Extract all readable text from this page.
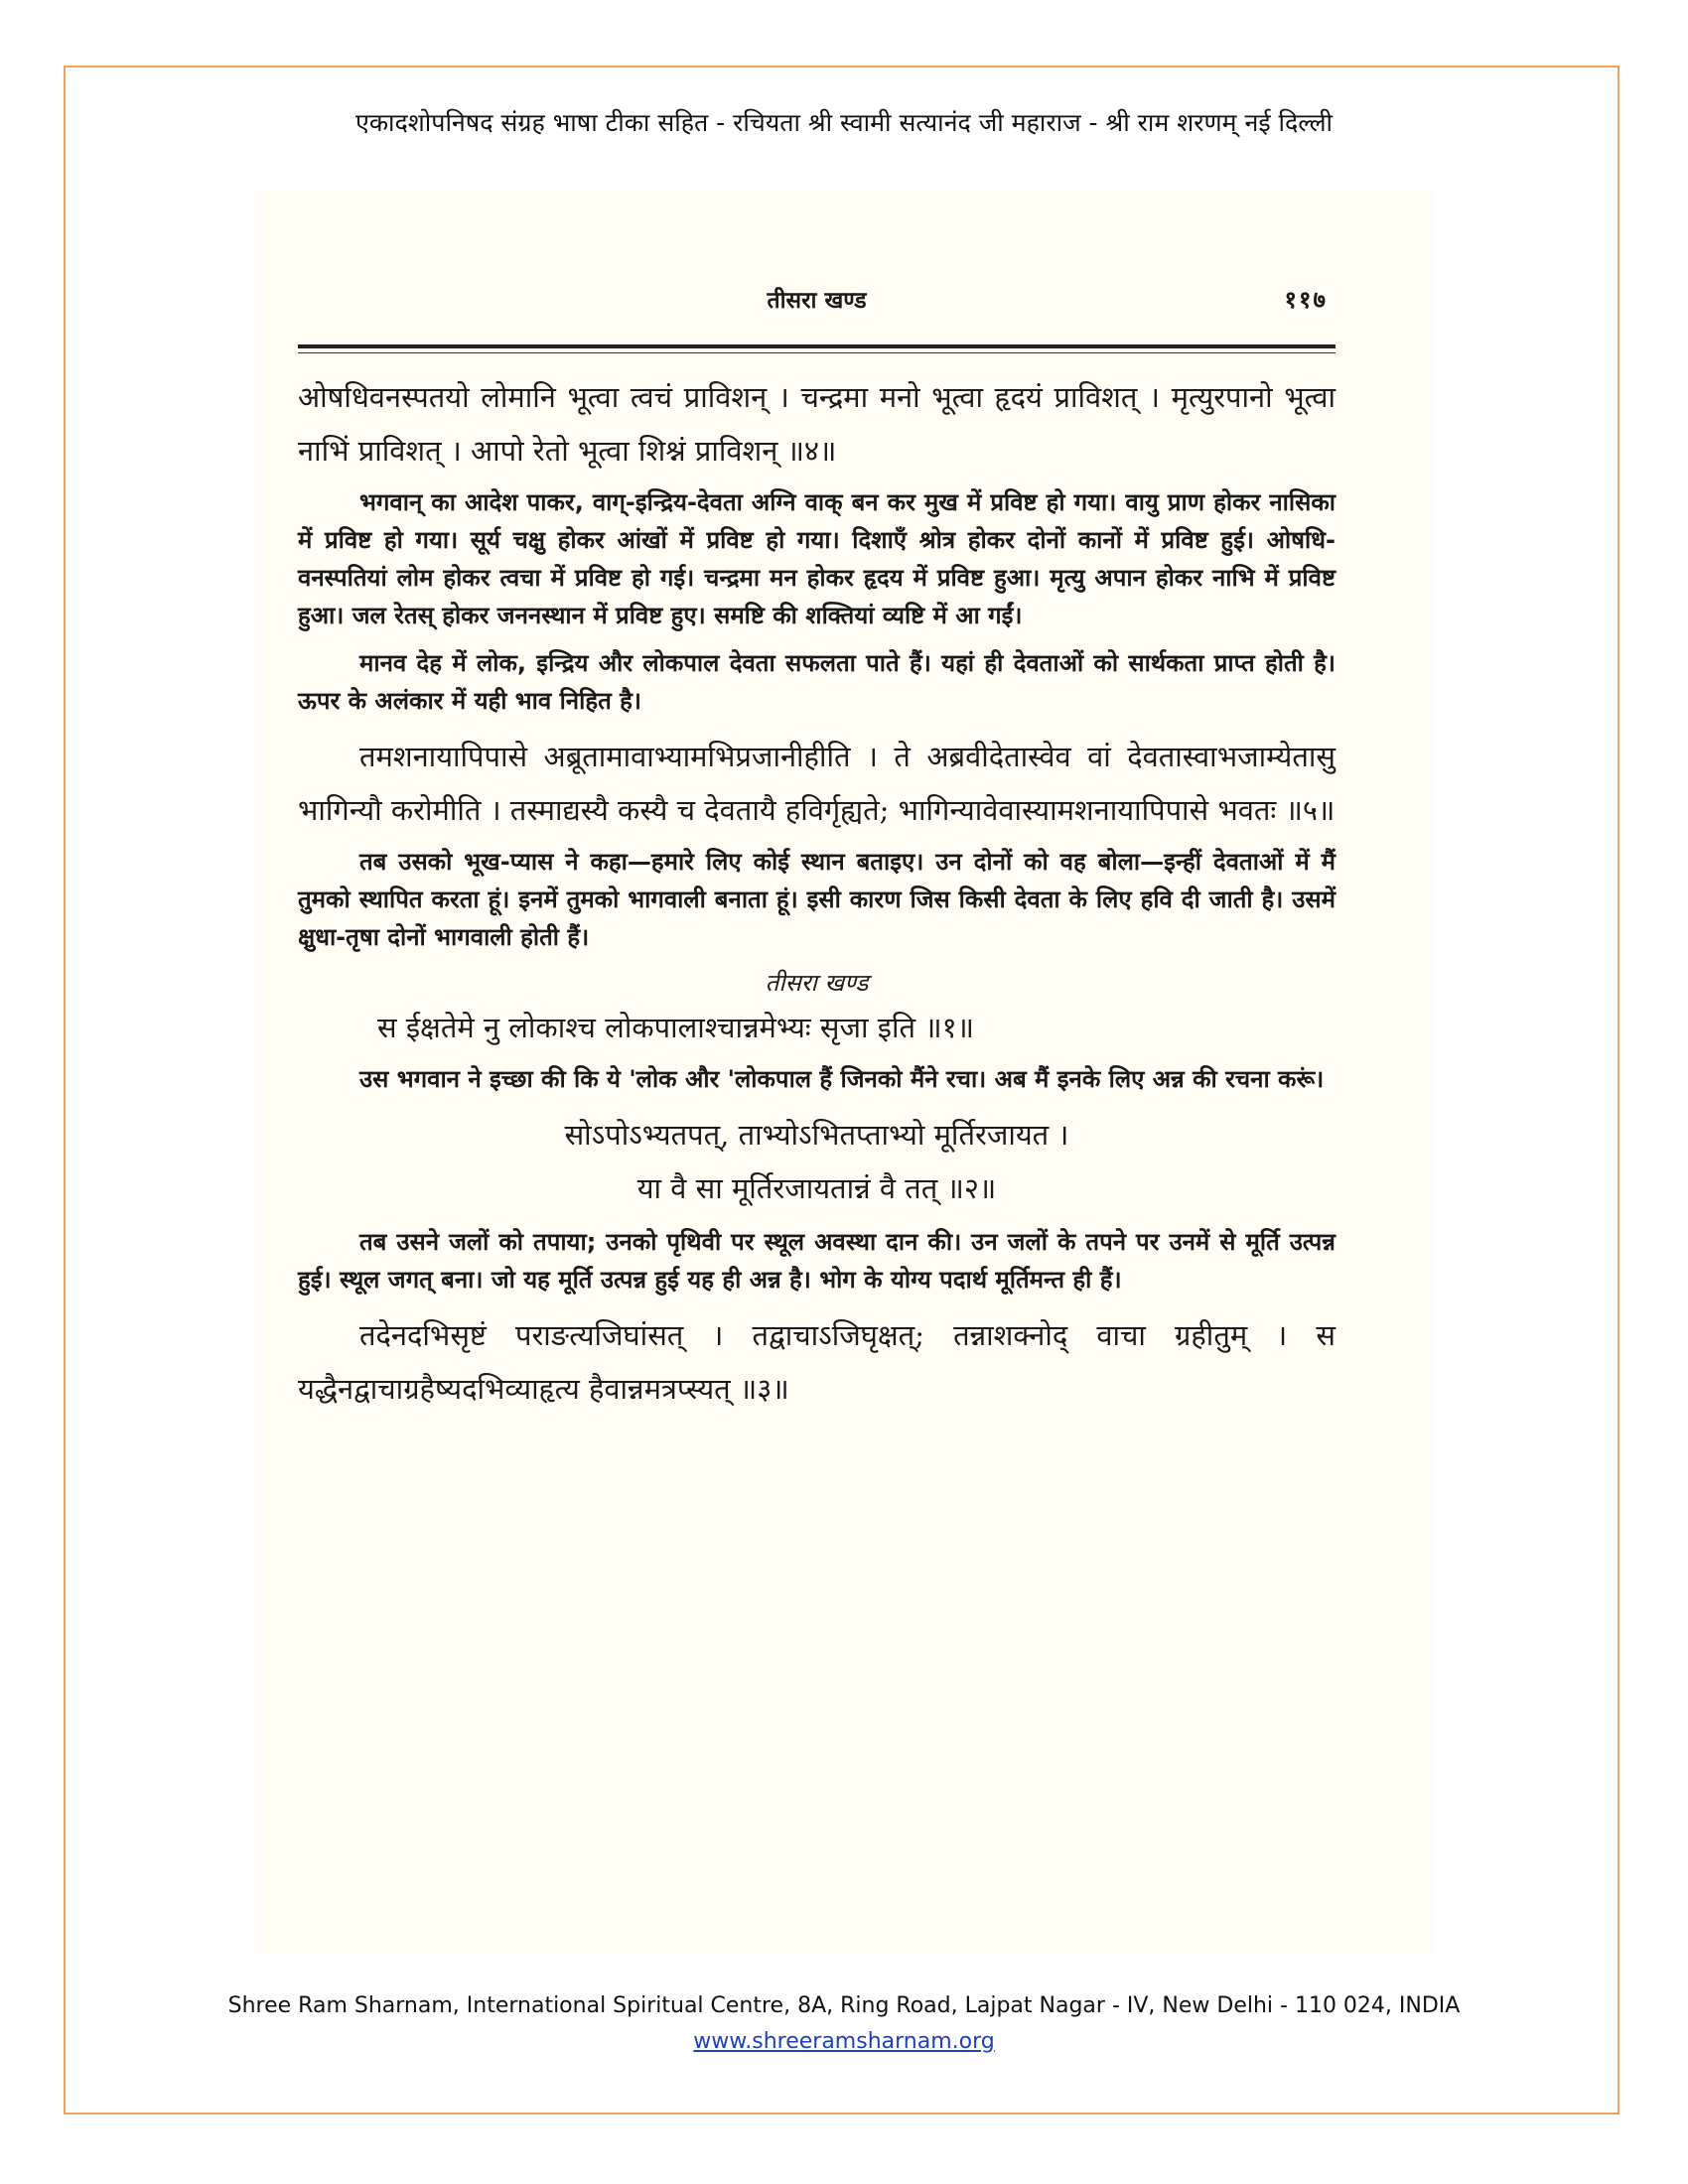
एकादशोपनिषद संग्रह भाषा टीका सहित - रचियता श्री स्वामी सत्यानंद जी महाराज - श्री राम शरणम् नई दिल्ली
तीसरा खण्ड	११७

ओषधिवनस्पतयो लोमानि भूत्वा त्वचं प्राविशन् । चन्द्रमा मनो भूत्वा हृदयं प्राविशत् । मृत्युरपानो भूत्वा नाभिं प्राविशत् । आपो रेतो भूत्वा शिश्नं प्राविशन् ॥४॥

भगवान् का आदेश पाकर, वाग्-इन्द्रिय-देवता अग्नि वाक् बन कर मुख में प्रविष्ट हो गया। वायु प्राण होकर नासिका में प्रविष्ट हो गया। सूर्य चक्षु होकर आंखों में प्रविष्ट हो गया। दिशाएँ श्रोत्र होकर दोनों कानों में प्रविष्ट हुई। ओषधि-वनस्पतियां लोम होकर त्वचा में प्रविष्ट हो गई। चन्द्रमा मन होकर हृदय में प्रविष्ट हुआ। मृत्यु अपान होकर नाभि में प्रविष्ट हुआ। जल रेतस् होकर जननस्थान में प्रविष्ट हुए। समष्टि की शक्तियां व्यष्टि में आ गईं।

मानव देह में लोक, इन्द्रिय और लोकपाल देवता सफलता पाते हैं। यहां ही देवताओं को सार्थकता प्राप्त होती है। ऊपर के अलंकार में यही भाव निहित है।

तमशनायापिपासे अब्रूतामावाभ्यामभिप्रजानीहीति । ते अब्रवीदेतास्वेव वां देवतास्वाभजाम्येतासु भागिन्यौ करोमीति । तस्माद्यस्यै कस्यै च देवतायै हविर्गृह्यते; भागिन्यावेवास्यामशनायापिपासे भवतः ॥५॥

तब उसको भूख-प्यास ने कहा—हमारे लिए कोई स्थान बताइए। उन दोनों को वह बोला—इन्हीं देवताओं में मैं तुमको स्थापित करता हूं। इनमें तुमको भागवाली बनाता हूं। इसी कारण जिस किसी देवता के लिए हवि दी जाती है। उसमें क्षुधा-तृषा दोनों भागवाली होती हैं।

तीसरा खण्ड

स ईक्षतेमे नु लोकाश्च लोकपालाश्चान्नमेभ्यः सृजा इति ॥१॥

उस भगवान ने इच्छा की कि ये 'लोक और 'लोकपाल हैं जिनको मैंने रचा। अब मैं इनके लिए अन्न की रचना करूं।

सोऽपोऽभ्यतपत्, ताभ्योऽभितप्ताभ्यो मूर्तिरजायत ।

या वै सा मूर्तिरजायतान्नं वै तत् ॥२॥

तब उसने जलों को तपाया; उनको पृथिवी पर स्थूल अवस्था दान की। उन जलों के तपने पर उनमें से मूर्ति उत्पन्न हुई। स्थूल जगत् बना। जो यह मूर्ति उत्पन्न हुई यह ही अन्न है। भोग के योग्य पदार्थ मूर्तिमन्त ही हैं।

तदेनदभिसृष्टं पराङत्यजिघांसत् । तद्वाचाऽजिघृक्षत्; तन्नाशक्नोद् वाचा ग्रहीतुम् । स यद्धैनद्वाचाग्रहैष्यदभिव्याहृत्य हैवान्नमत्रप्स्यत् ॥३॥

Shree Ram Sharnam, International Spiritual Centre, 8A, Ring Road, Lajpat Nagar - IV, New Delhi - 110 024, INDIA
www.shreeramsharnam.org
